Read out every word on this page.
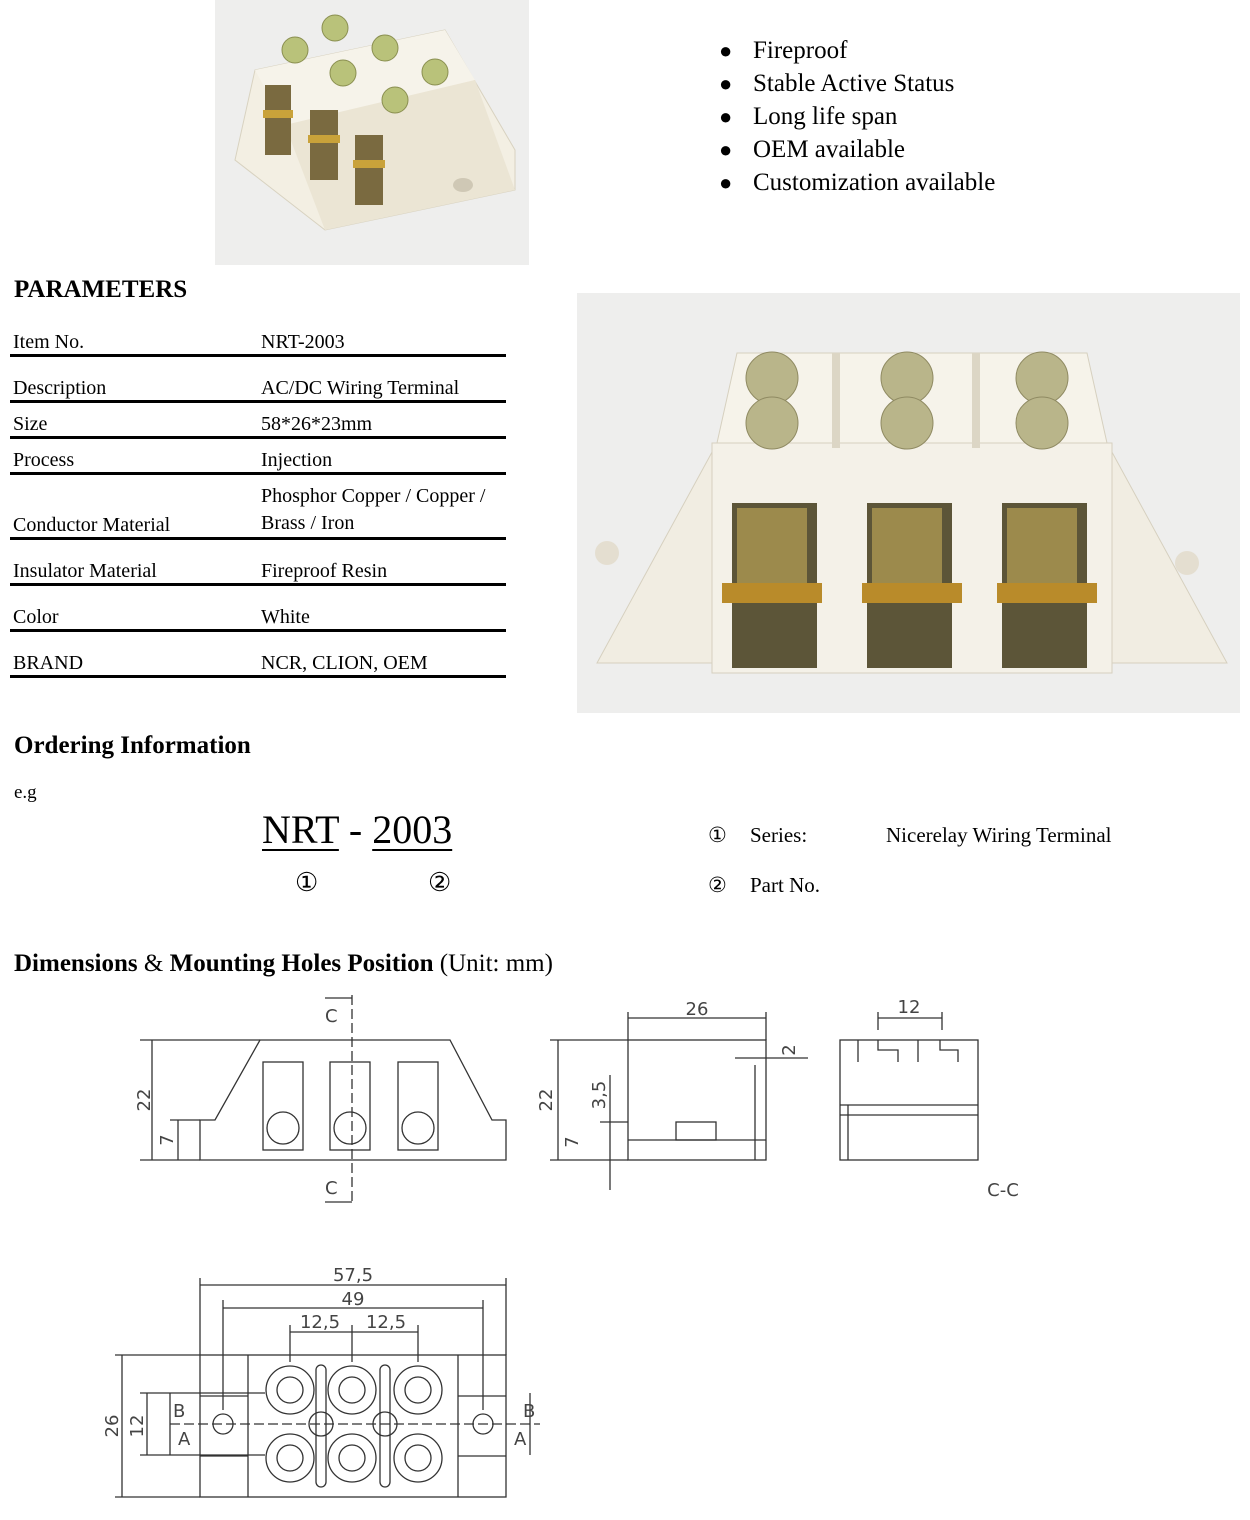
● Fireproof
● Stable Active Status
● Long life span
● OEM available
● Customization available
PARAMETERS
Item No.	NRT-2003
Description	AC/DC Wiring Terminal
Size	58*26*23mm
Process	Injection
Conductor Material	Phosphor Copper / Copper / Brass / Iron
Insulator Material	Fireproof Resin
Color	White
BRAND	NCR, CLION, OEM
Ordering Information
e.g
NRT - 2003
①	②
① Series:	Nicerelay Wiring Terminal
② Part No.
Dimensions & Mounting Holes Position (Unit: mm)
22
7
C
C
26
2
22 3,5
7
12
C-C
57,5
49
12,5 12,5
26 12
B
A
B
A
